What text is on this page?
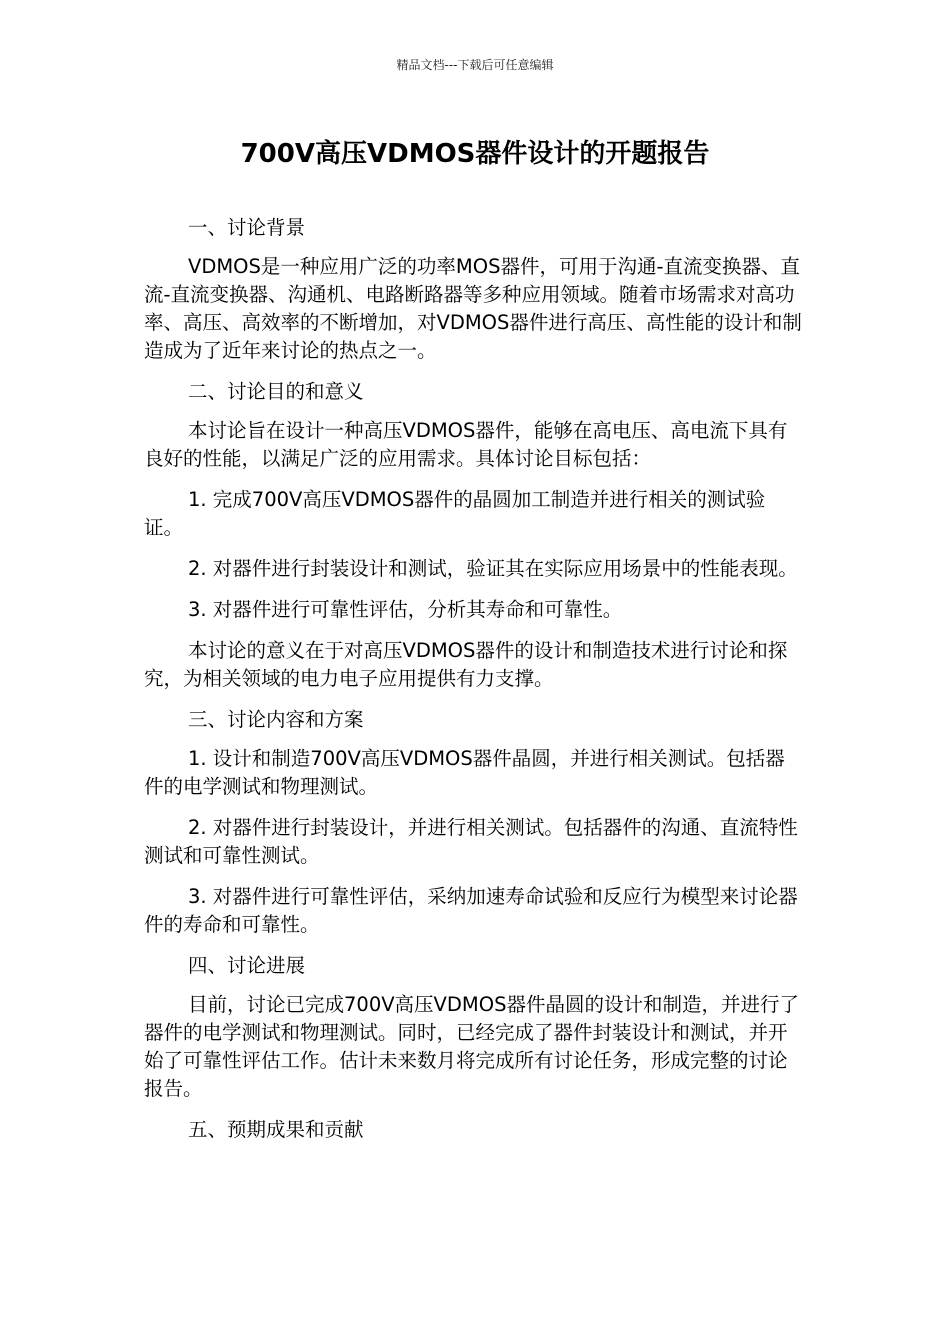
精品文档---下载后可任意编辑
700V高压VDMOS器件设计的开题报告

一、讨论背景

VDMOS是一种应用广泛的功率MOS器件，可用于沟通-直流变换器、直流-直流变换器、沟通机、电路断路器等多种应用领域。随着市场需求对高功率、高压、高效率的不断增加，对VDMOS器件进行高压、高性能的设计和制造成为了近年来讨论的热点之一。

二、讨论目的和意义

本讨论旨在设计一种高压VDMOS器件，能够在高电压、高电流下具有良好的性能，以满足广泛的应用需求。具体讨论目标包括：

1. 完成700V高压VDMOS器件的晶圆加工制造并进行相关的测试验证。

2. 对器件进行封装设计和测试，验证其在实际应用场景中的性能表现。

3. 对器件进行可靠性评估，分析其寿命和可靠性。

本讨论的意义在于对高压VDMOS器件的设计和制造技术进行讨论和探究，为相关领域的电力电子应用提供有力支撑。

三、讨论内容和方案

1. 设计和制造700V高压VDMOS器件晶圆，并进行相关测试。包括器件的电学测试和物理测试。

2. 对器件进行封装设计，并进行相关测试。包括器件的沟通、直流特性测试和可靠性测试。

3. 对器件进行可靠性评估，采纳加速寿命试验和反应行为模型来讨论器件的寿命和可靠性。

四、讨论进展

目前，讨论已完成700V高压VDMOS器件晶圆的设计和制造，并进行了器件的电学测试和物理测试。同时，已经完成了器件封装设计和测试，并开始了可靠性评估工作。估计未来数月将完成所有讨论任务，形成完整的讨论报告。

五、预期成果和贡献
